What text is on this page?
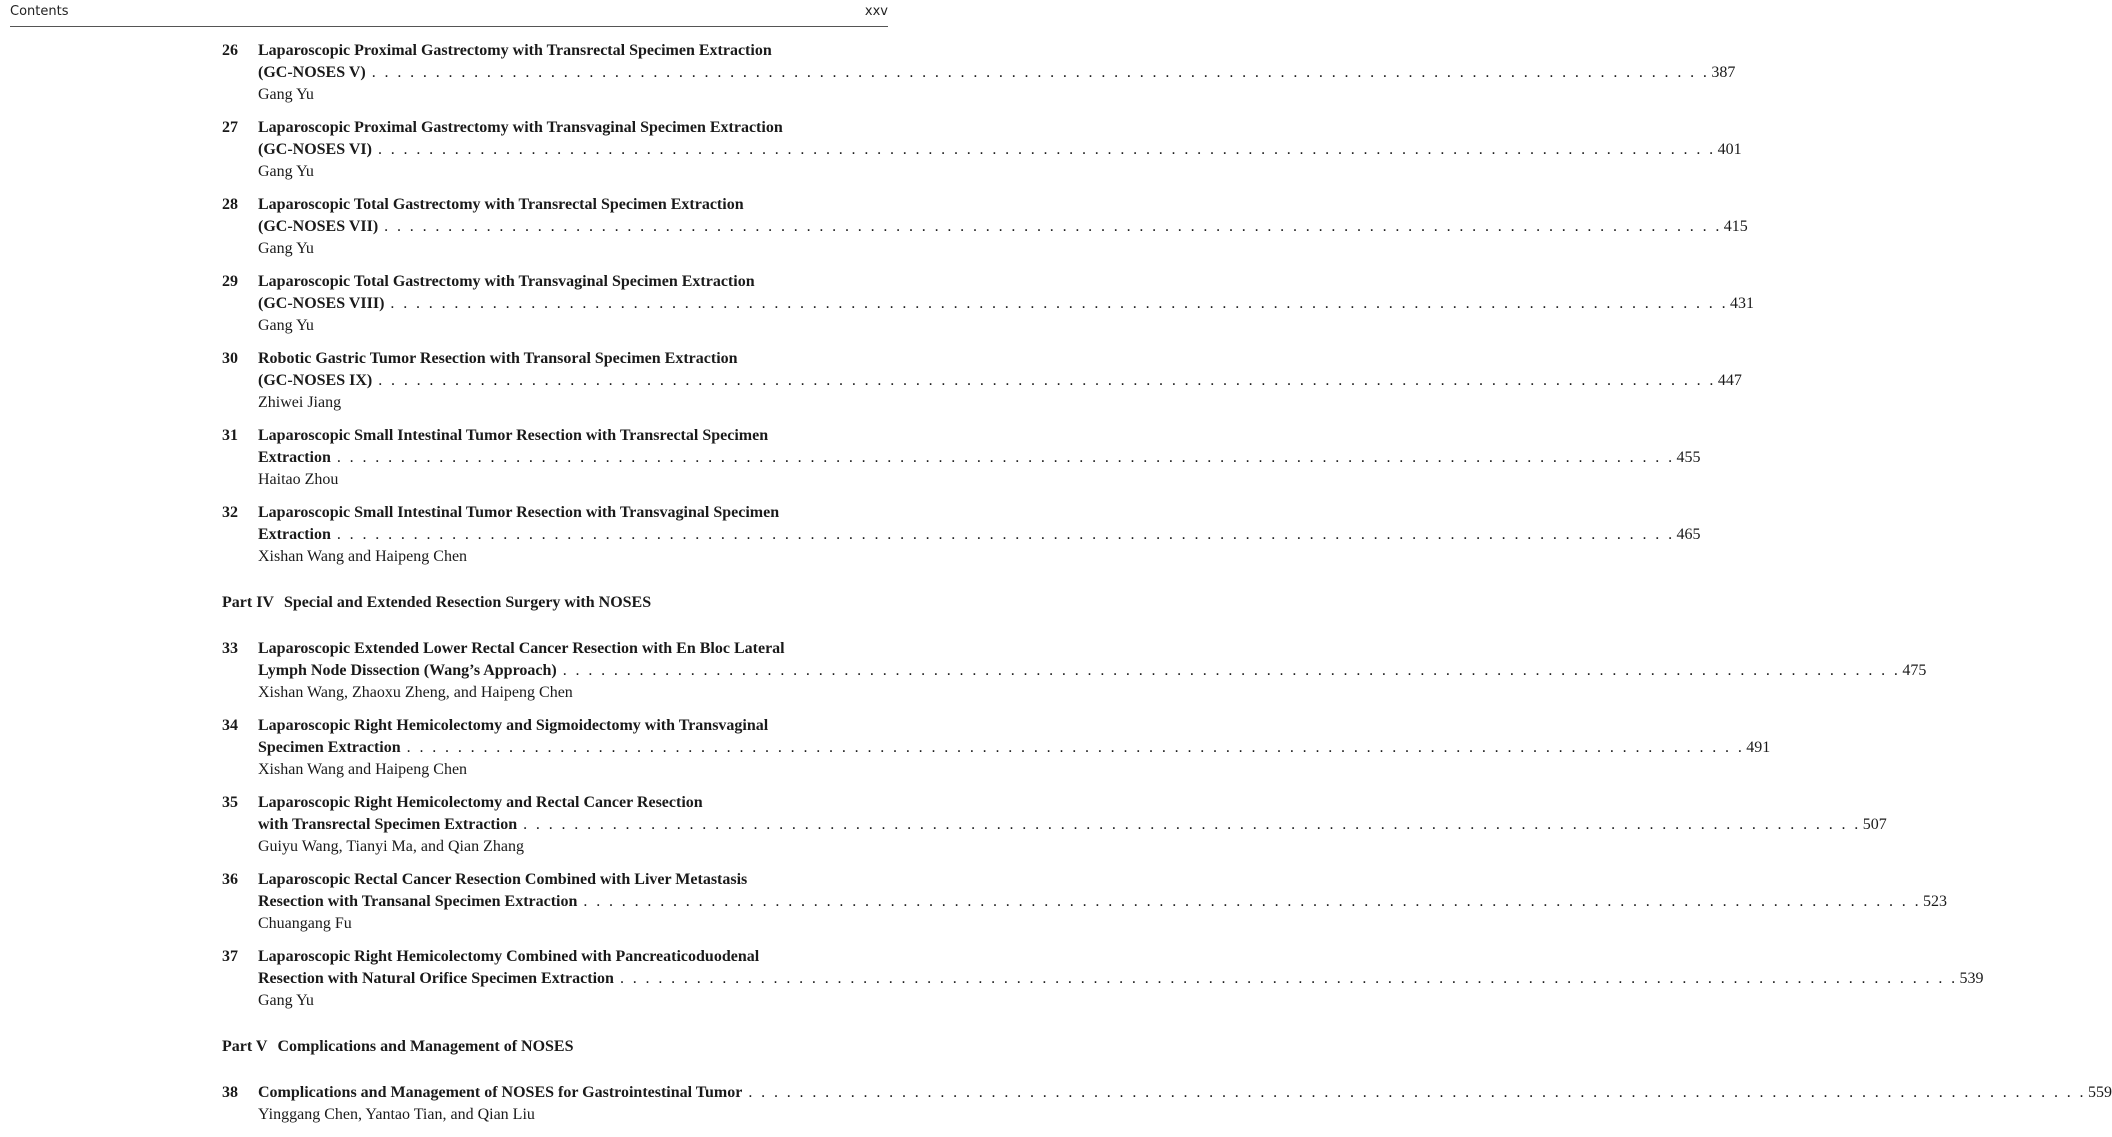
Contents	xxv
26	Laparoscopic Proximal Gastrectomy with Transrectal Specimen Extraction
(GC-NOSES V) . . . . . . . . . . . . . . . . . . . . . . . . . . . . . . . . . . . . . . . . . . . . . . . . . . . . . . . . . . . . . . . . . . . . . . . . . . . . . . . . . . . . . . . . . . . . . . . . . . . . . . . . . 387
Gang Yu
27	Laparoscopic Proximal Gastrectomy with Transvaginal Specimen Extraction
(GC-NOSES VI) . . . . . . . . . . . . . . . . . . . . . . . . . . . . . . . . . . . . . . . . . . . . . . . . . . . . . . . . . . . . . . . . . . . . . . . . . . . . . . . . . . . . . . . . . . . . . . . . . . . . . . . . . 401
Gang Yu
28	Laparoscopic Total Gastrectomy with Transrectal Specimen Extraction
(GC-NOSES VII) . . . . . . . . . . . . . . . . . . . . . . . . . . . . . . . . . . . . . . . . . . . . . . . . . . . . . . . . . . . . . . . . . . . . . . . . . . . . . . . . . . . . . . . . . . . . . . . . . . . . . . . . . 415
Gang Yu
29	Laparoscopic Total Gastrectomy with Transvaginal Specimen Extraction
(GC-NOSES VIII) . . . . . . . . . . . . . . . . . . . . . . . . . . . . . . . . . . . . . . . . . . . . . . . . . . . . . . . . . . . . . . . . . . . . . . . . . . . . . . . . . . . . . . . . . . . . . . . . . . . . . . . . . 431
Gang Yu
30	Robotic Gastric Tumor Resection with Transoral Specimen Extraction
(GC-NOSES IX) . . . . . . . . . . . . . . . . . . . . . . . . . . . . . . . . . . . . . . . . . . . . . . . . . . . . . . . . . . . . . . . . . . . . . . . . . . . . . . . . . . . . . . . . . . . . . . . . . . . . . . . . . 447
Zhiwei Jiang
31	Laparoscopic Small Intestinal Tumor Resection with Transrectal Specimen
Extraction . . . . . . . . . . . . . . . . . . . . . . . . . . . . . . . . . . . . . . . . . . . . . . . . . . . . . . . . . . . . . . . . . . . . . . . . . . . . . . . . . . . . . . . . . . . . . . . . . . . . . . . . . 455
Haitao Zhou
32	Laparoscopic Small Intestinal Tumor Resection with Transvaginal Specimen
Extraction . . . . . . . . . . . . . . . . . . . . . . . . . . . . . . . . . . . . . . . . . . . . . . . . . . . . . . . . . . . . . . . . . . . . . . . . . . . . . . . . . . . . . . . . . . . . . . . . . . . . . . . . . 465
Xishan Wang and Haipeng Chen
Part IV Special and Extended Resection Surgery with NOSES
33	Laparoscopic Extended Lower Rectal Cancer Resection with En Bloc Lateral
Lymph Node Dissection (Wang’s Approach) . . . . . . . . . . . . . . . . . . . . . . . . . . . . . . . . . . . . . . . . . . . . . . . . . . . . . . . . . . . . . . . . . . . . . . . . . . . . . . . . . . . . . . . . . . . . . . . . . . . . . . . . . 475
Xishan Wang, Zhaoxu Zheng, and Haipeng Chen
34	Laparoscopic Right Hemicolectomy and Sigmoidectomy with Transvaginal
Specimen Extraction . . . . . . . . . . . . . . . . . . . . . . . . . . . . . . . . . . . . . . . . . . . . . . . . . . . . . . . . . . . . . . . . . . . . . . . . . . . . . . . . . . . . . . . . . . . . . . . . . . . . . . . . . 491
Xishan Wang and Haipeng Chen
35	Laparoscopic Right Hemicolectomy and Rectal Cancer Resection
with Transrectal Specimen Extraction . . . . . . . . . . . . . . . . . . . . . . . . . . . . . . . . . . . . . . . . . . . . . . . . . . . . . . . . . . . . . . . . . . . . . . . . . . . . . . . . . . . . . . . . . . . . . . . . . . . . . . . . . 507
Guiyu Wang, Tianyi Ma, and Qian Zhang
36	Laparoscopic Rectal Cancer Resection Combined with Liver Metastasis
Resection with Transanal Specimen Extraction . . . . . . . . . . . . . . . . . . . . . . . . . . . . . . . . . . . . . . . . . . . . . . . . . . . . . . . . . . . . . . . . . . . . . . . . . . . . . . . . . . . . . . . . . . . . . . . . . . . . . . . . . 523
Chuangang Fu
37	Laparoscopic Right Hemicolectomy Combined with Pancreaticoduodenal
Resection with Natural Orifice Specimen Extraction . . . . . . . . . . . . . . . . . . . . . . . . . . . . . . . . . . . . . . . . . . . . . . . . . . . . . . . . . . . . . . . . . . . . . . . . . . . . . . . . . . . . . . . . . . . . . . . . . . . . . . . . . 539
Gang Yu
Part V Complications and Management of NOSES
38	Complications and Management of NOSES for Gastrointestinal Tumor . . . . . . . . . . . . . . . . . . . . . . . . . . . . . . . . . . . . . . . . . . . . . . . . . . . . . . . . . . . . . . . . . . . . . . . . . . . . . . . . . . . . . . . . . . . . . . . . . . . . . . . . . 559
Yinggang Chen, Yantao Tian, and Qian Liu
